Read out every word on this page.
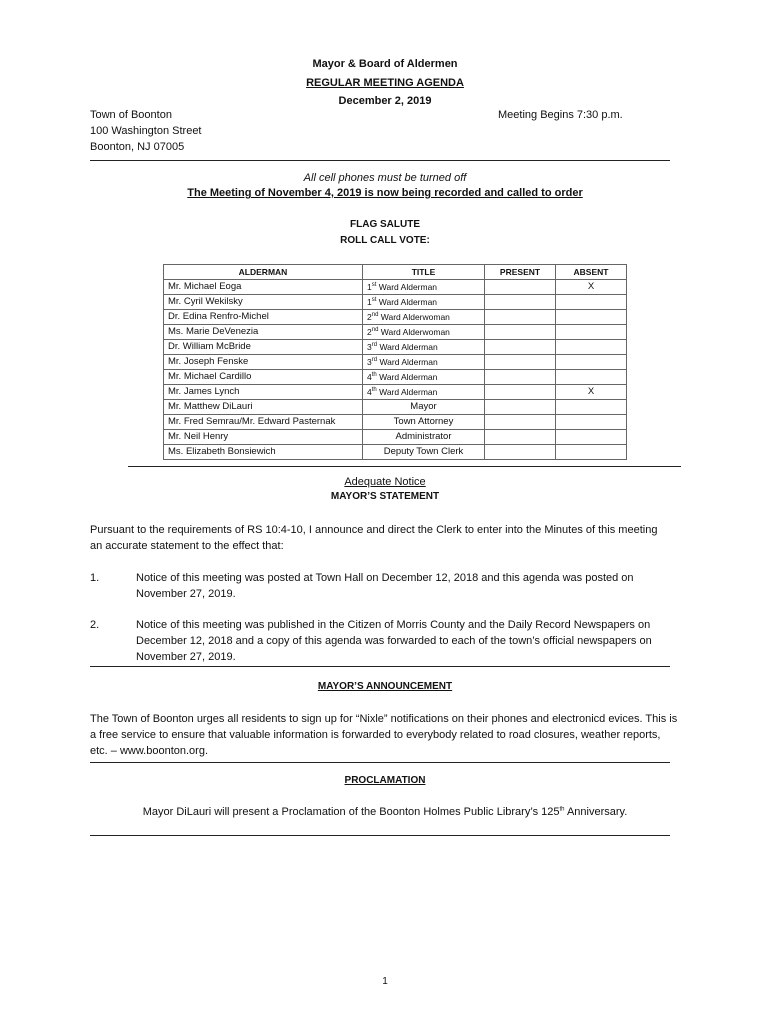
Mayor & Board of Aldermen
REGULAR MEETING AGENDA
December 2, 2019
Town of Boonton
100 Washington Street
Boonton, NJ 07005
Meeting Begins 7:30 p.m.
All cell phones must be turned off
The Meeting of November 4, 2019 is now being recorded and called to order
FLAG SALUTE
ROLL CALL VOTE:
ALDERMAN	TITLE	PRESENT	ABSENT
Mr. Michael Eoga	1st Ward Alderman		X
Mr. Cyril Wekilsky	1st Ward Alderman		
Dr. Edina Renfro-Michel	2nd Ward Alderwoman		
Ms. Marie DeVenezia	2nd Ward Alderwoman		
Dr. William McBride	3rd Ward Alderman		
Mr. Joseph Fenske	3rd Ward Alderman		
Mr. Michael Cardillo	4th Ward Alderman		
Mr. James Lynch	4th Ward Alderman		X
Mr. Matthew DiLauri	Mayor		
Mr. Fred Semrau/Mr. Edward Pasternak	Town Attorney		
Mr. Neil Henry	Administrator		
Ms. Elizabeth Bonsiewich	Deputy Town Clerk		
Adequate Notice
MAYOR’S STATEMENT
Pursuant to the requirements of RS 10:4-10, I announce and direct the Clerk to enter into the Minutes of this meeting an accurate statement to the effect that:
1.	Notice of this meeting was posted at Town Hall on December 12, 2018 and this agenda was posted on November 27, 2019.
2.	Notice of this meeting was published in the Citizen of Morris County and the Daily Record Newspapers on December 12, 2018 and a copy of this agenda was forwarded to each of the town’s official newspapers on November 27, 2019.
MAYOR’S ANNOUNCEMENT
The Town of Boonton urges all residents to sign up for “Nixle” notifications on their phones and electronicd evices. This is a free service to ensure that valuable information is forwarded to everybody related to road closures, weather reports, etc. – www.boonton.org.
PROCLAMATION
Mayor DiLauri will present a Proclamation of the Boonton Holmes Public Library’s 125th Anniversary.
1
